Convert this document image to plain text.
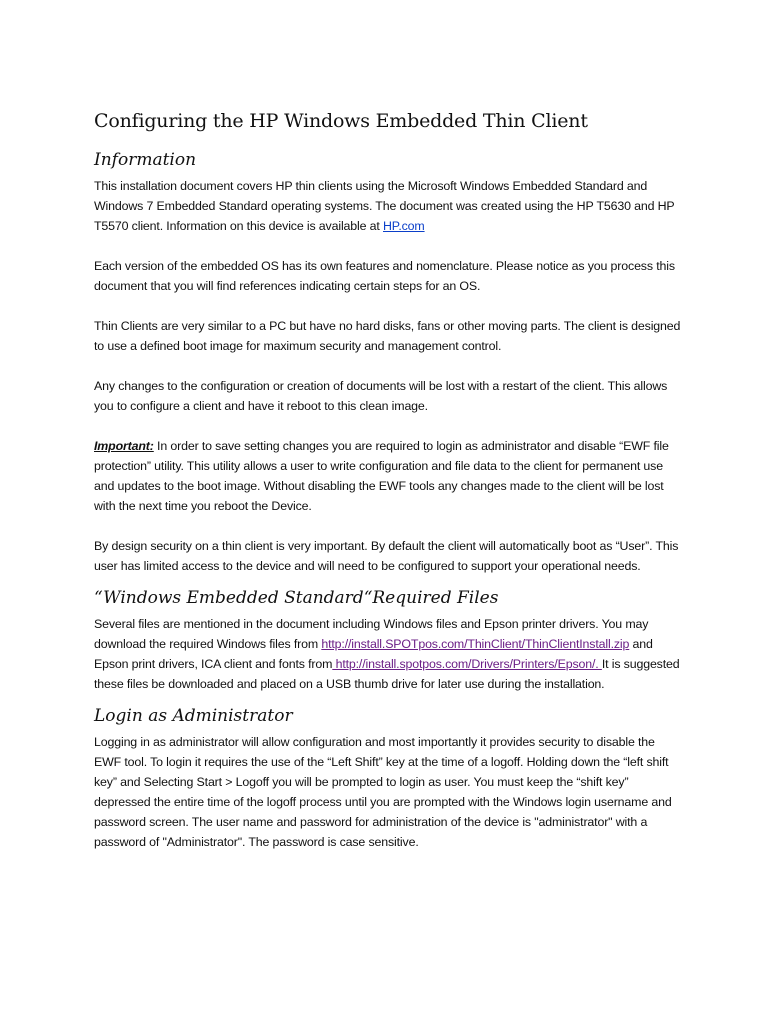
Configuring the HP Windows Embedded Thin Client
Information

This installation document covers HP thin clients using the Microsoft Windows Embedded Standard and Windows 7 Embedded Standard operating systems. The document was created using the HP T5630 and HP T5570 client. Information on this device is available at HP.com

Each version of the embedded OS has its own features and nomenclature. Please notice as you process this document that you will find references indicating certain steps for an OS.

Thin Clients are very similar to a PC but have no hard disks, fans or other moving parts. The client is designed to use a defined boot image for maximum security and management control.

Any changes to the configuration or creation of documents will be lost with a restart of the client. This allows you to configure a client and have it reboot to this clean image.

Important: In order to save setting changes you are required to login as administrator and disable “EWF file protection” utility. This utility allows a user to write configuration and file data to the client for permanent use and updates to the boot image. Without disabling the EWF tools any changes made to the client will be lost with the next time you reboot the Device.

By design security on a thin client is very important. By default the client will automatically boot as “User”. This user has limited access to the device and will need to be configured to support your operational needs.

“Windows Embedded Standard“Required Files

Several files are mentioned in the document including Windows files and Epson printer drivers. You may download the required Windows files from http://install.SPOTpos.com/ThinClient/ThinClientInstall.zip and Epson print drivers, ICA client and fonts from http://install.spotpos.com/Drivers/Printers/Epson/. It is suggested these files be downloaded and placed on a USB thumb drive for later use during the installation.

Login as Administrator

Logging in as administrator will allow configuration and most importantly it provides security to disable the EWF tool. To login it requires the use of the “Left Shift” key at the time of a logoff. Holding down the “left shift key” and Selecting Start > Logoff you will be prompted to login as user. You must keep the “shift key” depressed the entire time of the logoff process until you are prompted with the Windows login username and password screen. The user name and password for administration of the device is "administrator" with a password of "Administrator". The password is case sensitive.
